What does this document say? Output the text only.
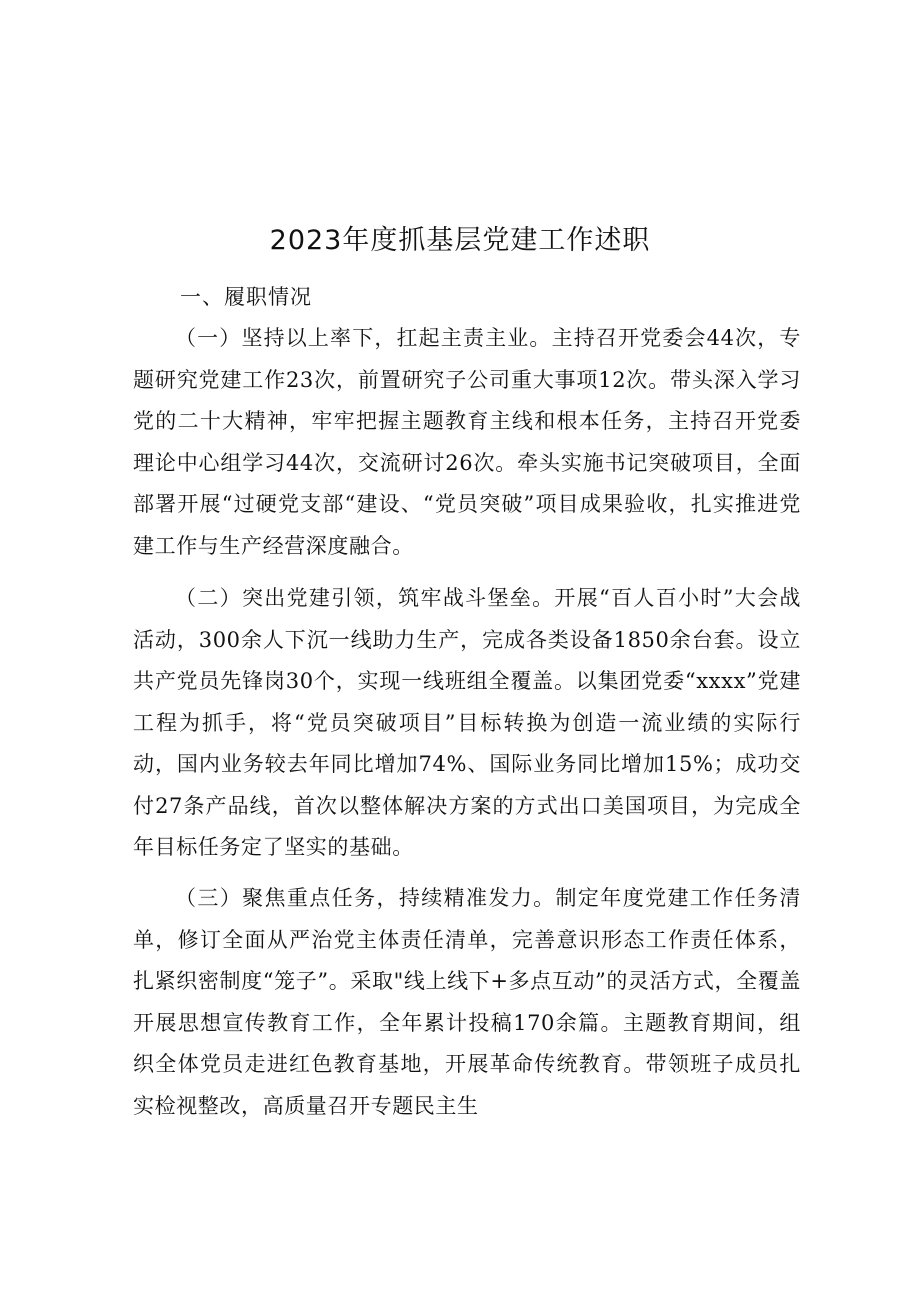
2023年度抓基层党建工作述职
一、履职情况

（一）坚持以上率下，扛起主责主业。主持召开党委会44次，专题研究党建工作23次，前置研究子公司重大事项12次。带头深入学习党的二十大精神，牢牢把握主题教育主线和根本任务，主持召开党委理论中心组学习44次，交流研讨26次。牵头实施书记突破项目，全面部署开展“过硬党支部“建设、“党员突破”项目成果验收，扎实推进党建工作与生产经营深度融合。

（二）突出党建引领，筑牢战斗堡垒。开展“百人百小时”大会战活动，300余人下沉一线助力生产，完成各类设备1850余台套。设立共产党员先锋岗30个，实现一线班组全覆盖。以集团党委“xxxx”党建工程为抓手，将“党员突破项目”目标转换为创造一流业绩的实际行动，国内业务较去年同比增加74%、国际业务同比增加15%；成功交付27条产品线，首次以整体解决方案的方式出口美国项目，为完成全年目标任务定了坚实的基础。

（三）聚焦重点任务，持续精准发力。制定年度党建工作任务清单，修订全面从严治党主体责任清单，完善意识形态工作责任体系，扎紧织密制度“笼子”。采取"线上线下+多点互动”的灵活方式，全覆盖开展思想宣传教育工作，全年累计投稿170余篇。主题教育期间，组织全体党员走进红色教育基地，开展革命传统教育。带领班子成员扎实检视整改，高质量召开专题民主生
